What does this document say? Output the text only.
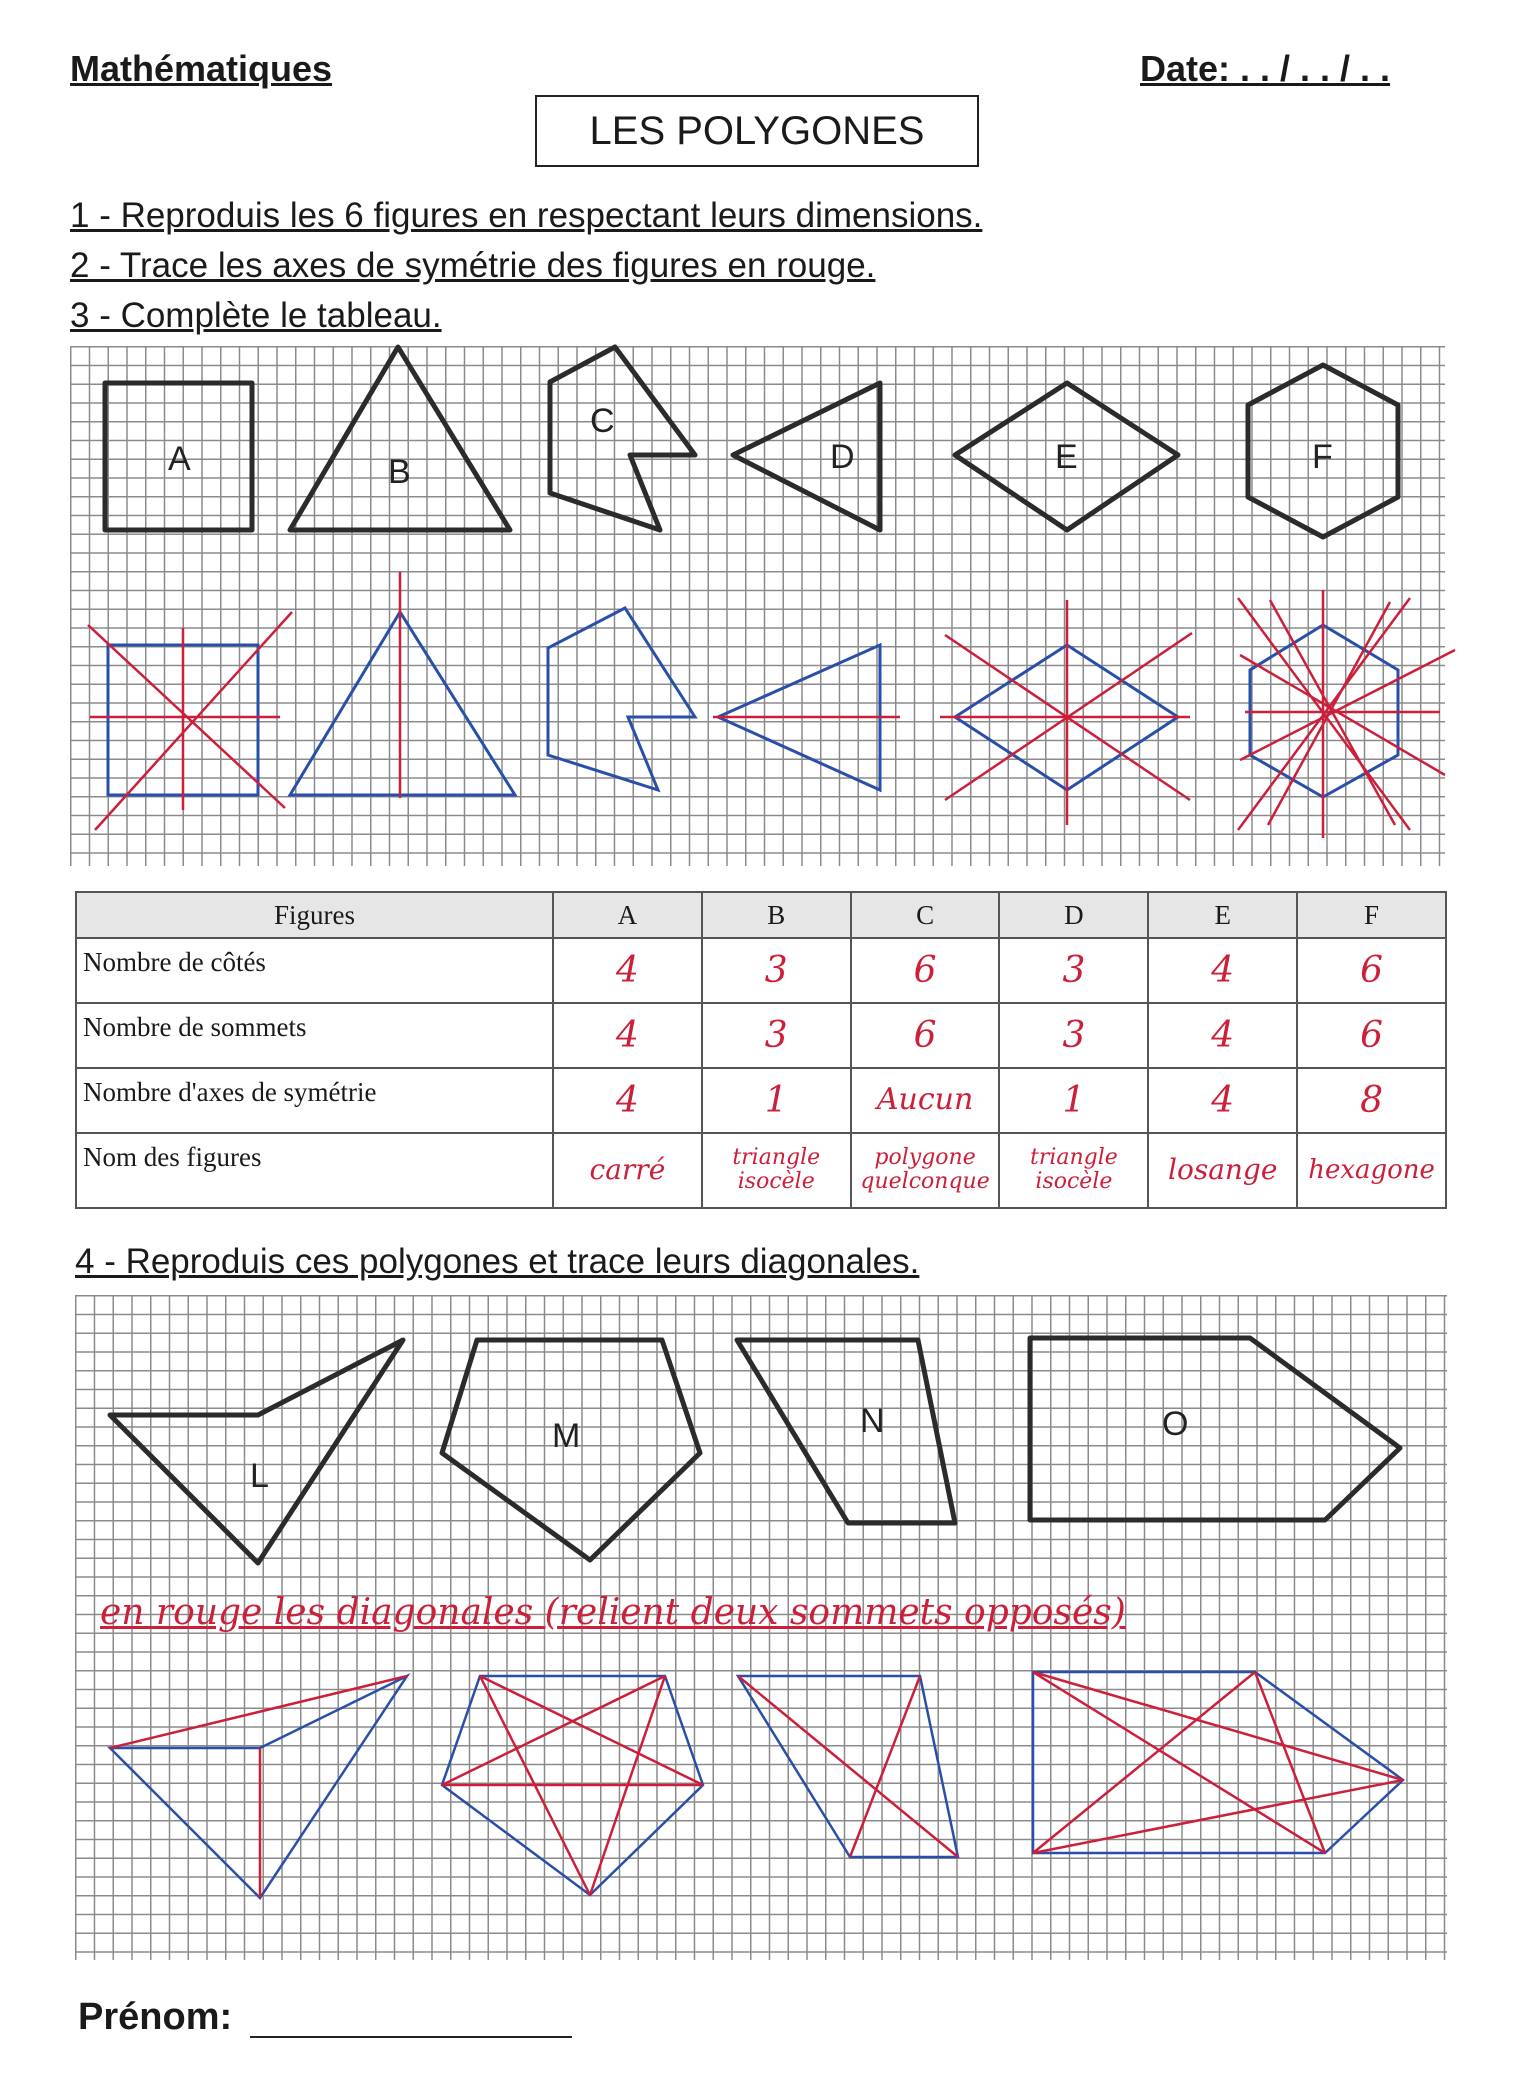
Mathématiques	Date: . . / . . / . .
LES POLYGONES
1 - Reproduis les 6 figures en respectant leurs dimensions.
2 - Trace les axes de symétrie des figures en rouge.
3 - Complète le tableau.
A	B
C
D	E	F
Figures	A	B	C	D	E	F
Nombre de côtés	4	3	6	3	4	6
Nombre de sommets	4	3	6	3	4	6
Nombre d'axes de symétrie	4	1	Aucun	1	4	8
Nom des figures	carré	triangle isocèle	polygone quelconque	triangle isocèle	losange	hexagone
4 - Reproduis ces polygones et trace leurs diagonales.
en rouge les diagonales (relient deux sommets opposés)
L
M	N	O
Prénom:
